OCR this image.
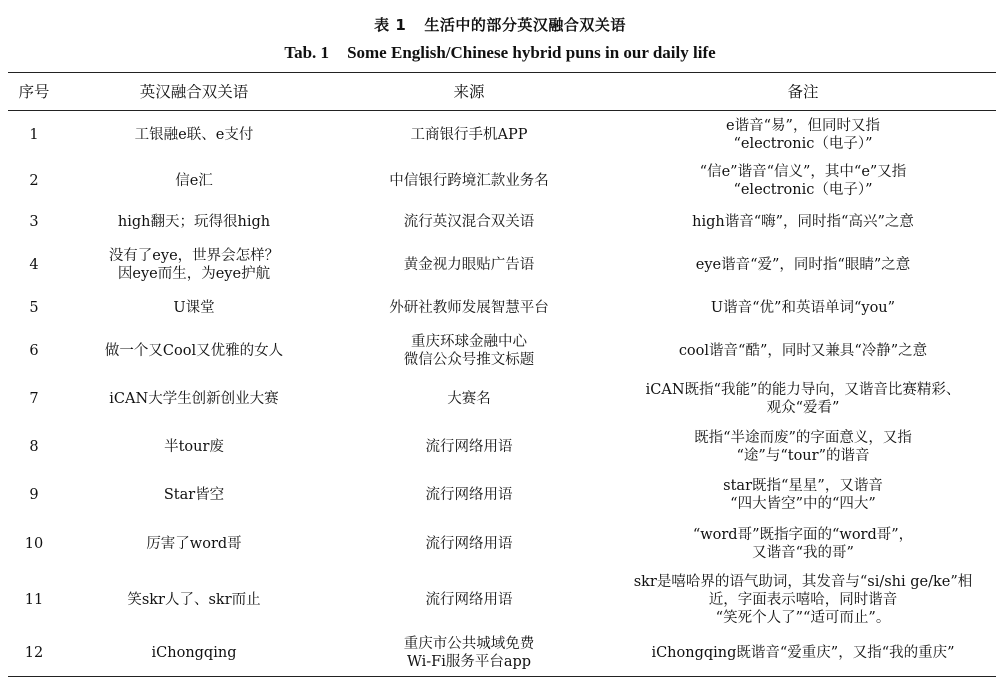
表 1 生活中的部分英汉融合双关语
Tab. 1 Some English/Chinese hybrid puns in our daily life
序号	英汉融合双关语	来源	备注
1	工银融e联、e支付	工商银行手机APP	e谐音“易”，但同时又指
“electronic（电子）”
2	信e汇	中信银行跨境汇款业务名	“信e”谐音“信义”，其中“e”又指
“electronic（电子）”
3	high翻天；玩得很high	流行英汉混合双关语	high谐音“嗨”，同时指“高兴”之意
4	没有了eye，世界会怎样？
因eye而生，为eye护航	黄金视力眼贴广告语	eye谐音“爱”，同时指“眼睛”之意
5	U课堂	外研社教师发展智慧平台	U谐音“优”和英语单词“you”
6	做一个又Cool又优雅的女人	重庆环球金融中心
微信公众号推文标题	cool谐音“酷”，同时又兼具“冷静”之意
7	iCAN大学生创新创业大赛	大赛名	iCAN既指“我能”的能力导向，又谐音比赛精彩、
观众“爱看”
8	半tour废	流行网络用语	既指“半途而废”的字面意义，又指
“途”与“tour”的谐音
9	Star皆空	流行网络用语	star既指“星星”，又谐音
“四大皆空”中的“四大”
10	厉害了word哥	流行网络用语	“word哥”既指字面的“word哥”，
又谐音“我的哥”
11	笑skr人了、skr而止	流行网络用语	skr是嘻哈界的语气助词，其发音与“si/shi ge/ke”相
近，字面表示嘻哈，同时谐音
“笑死个人了”“适可而止”。
12	iChongqing	重庆市公共城域免费
Wi-Fi服务平台app	iChongqing既谐音“爱重庆”，又指“我的重庆”
